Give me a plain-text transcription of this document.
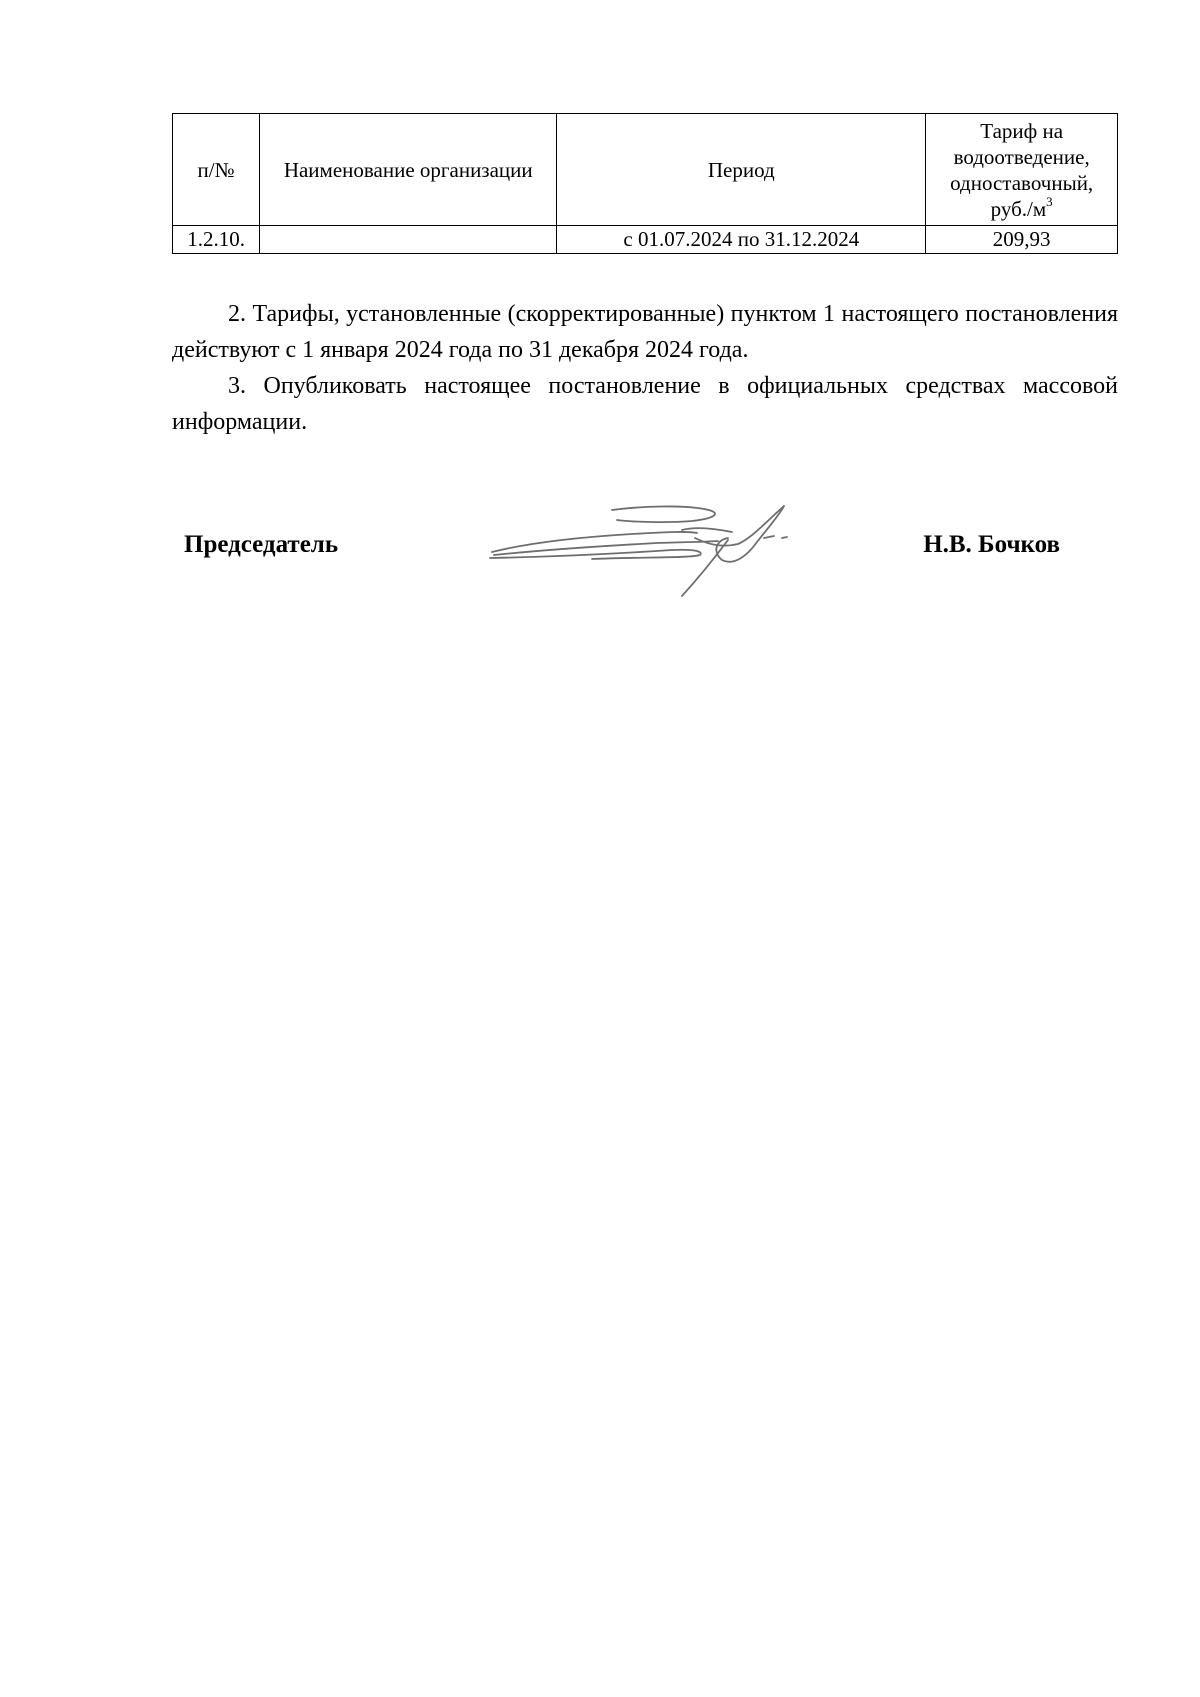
п/№	Наименование организации	Период	Тариф на водоотведение, одноставочный, $руб./м^3$
1.2.10.		с 01.07.2024 по 31.12.2024	209,93

2. Тарифы, установленные (скорректированные) пунктом 1 настоящего постановления действуют с 1 января 2024 года по 31 декабря 2024 года.

3. Опубликовать настоящее постановление в официальных средствах массовой информации.

Председатель	Н.В. Бочков
